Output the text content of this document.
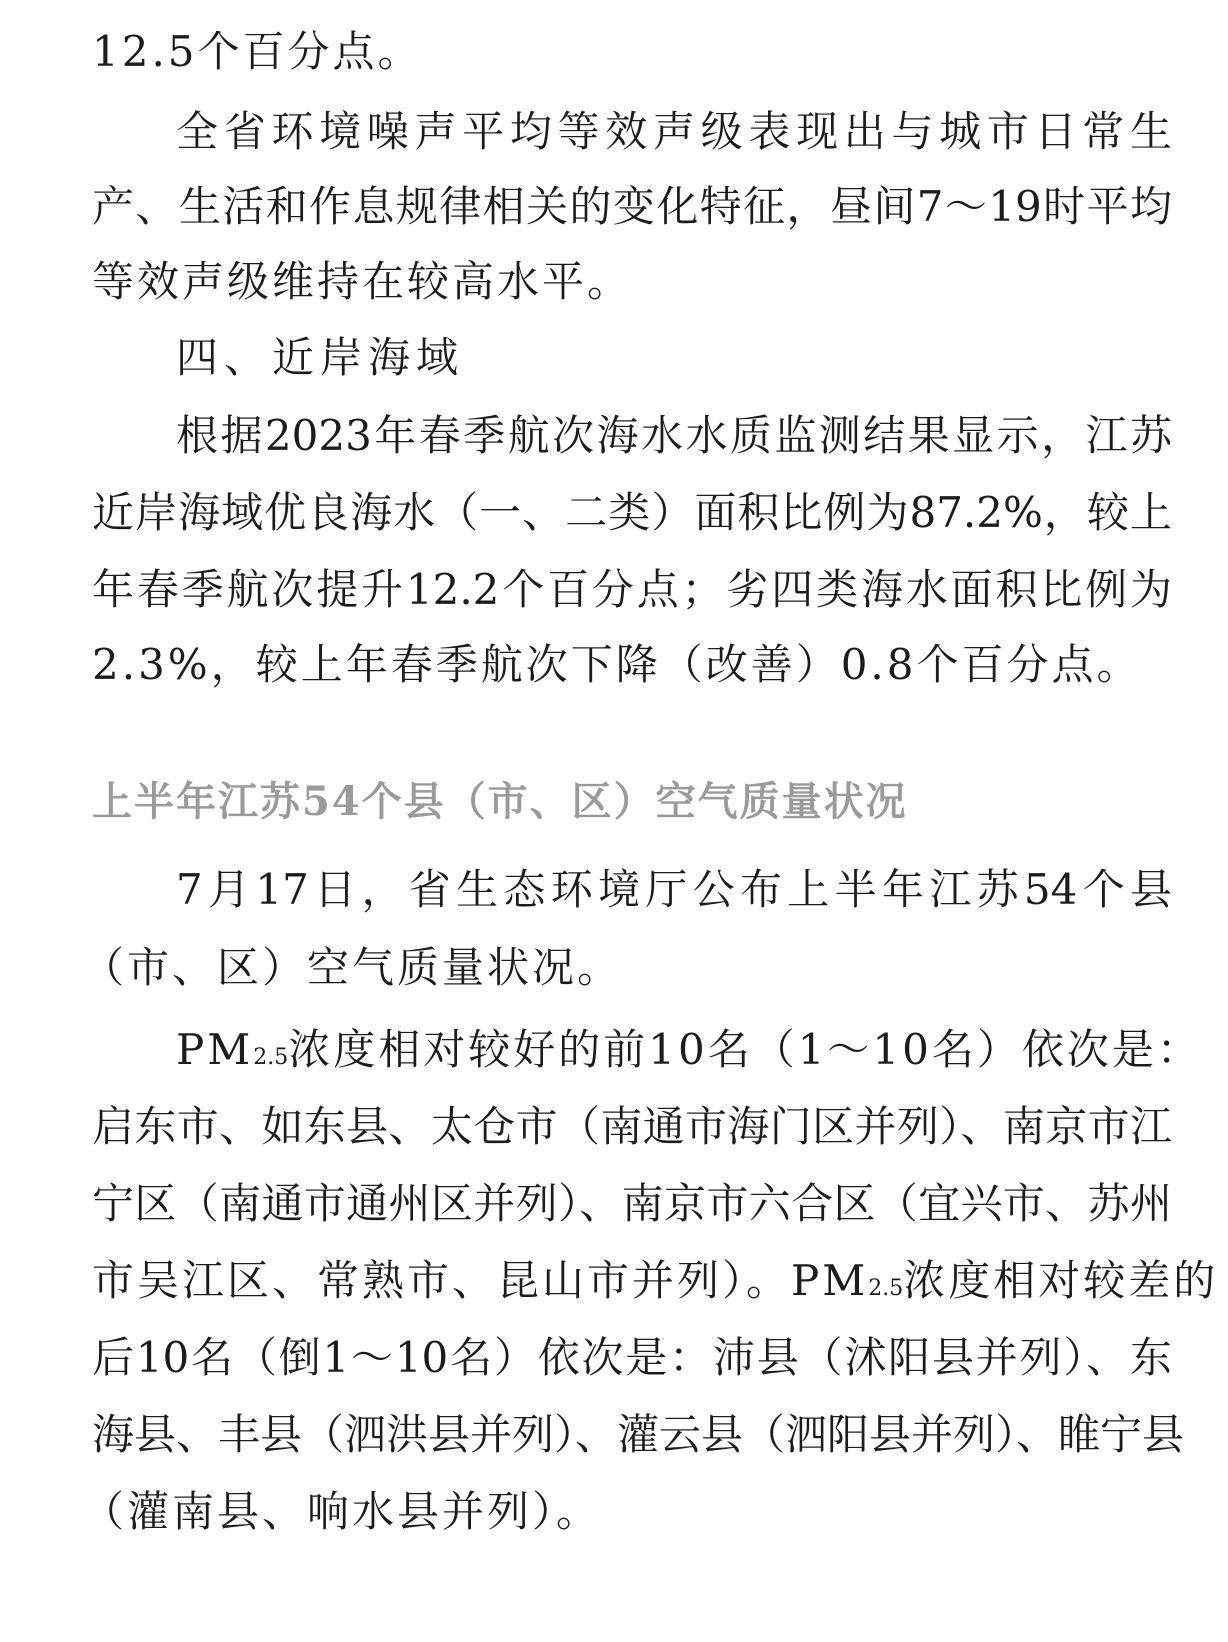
12.5个百分点。
全省环境噪声平均等效声级表现出与城市日常生
产、生活和作息规律相关的变化特征，昼间7～19时平均
等效声级维持在较高水平。
四、近岸海域
根据2023年春季航次海水水质监测结果显示，江苏
近岸海域优良海水（一、二类）面积比例为87.2%，较上
年春季航次提升12.2个百分点；劣四类海水面积比例为
2.3%，较上年春季航次下降（改善）0.8个百分点。
上半年江苏54个县（市、区）空气质量状况
7月17日，省生态环境厅公布上半年江苏54个县
（市、区）空气质量状况。
PM2.5浓度相对较好的前10名（1～10名）依次是：
启东市、如东县、太仓市（南通市海门区并列）、南京市江
宁区（南通市通州区并列）、南京市六合区（宜兴市、苏州
市吴江区、常熟市、昆山市并列）。PM2.5浓度相对较差的
后10名（倒1～10名）依次是：沛县（沭阳县并列）、东
海县、丰县（泗洪县并列）、灌云县（泗阳县并列）、睢宁县
（灌南县、响水县并列）。
